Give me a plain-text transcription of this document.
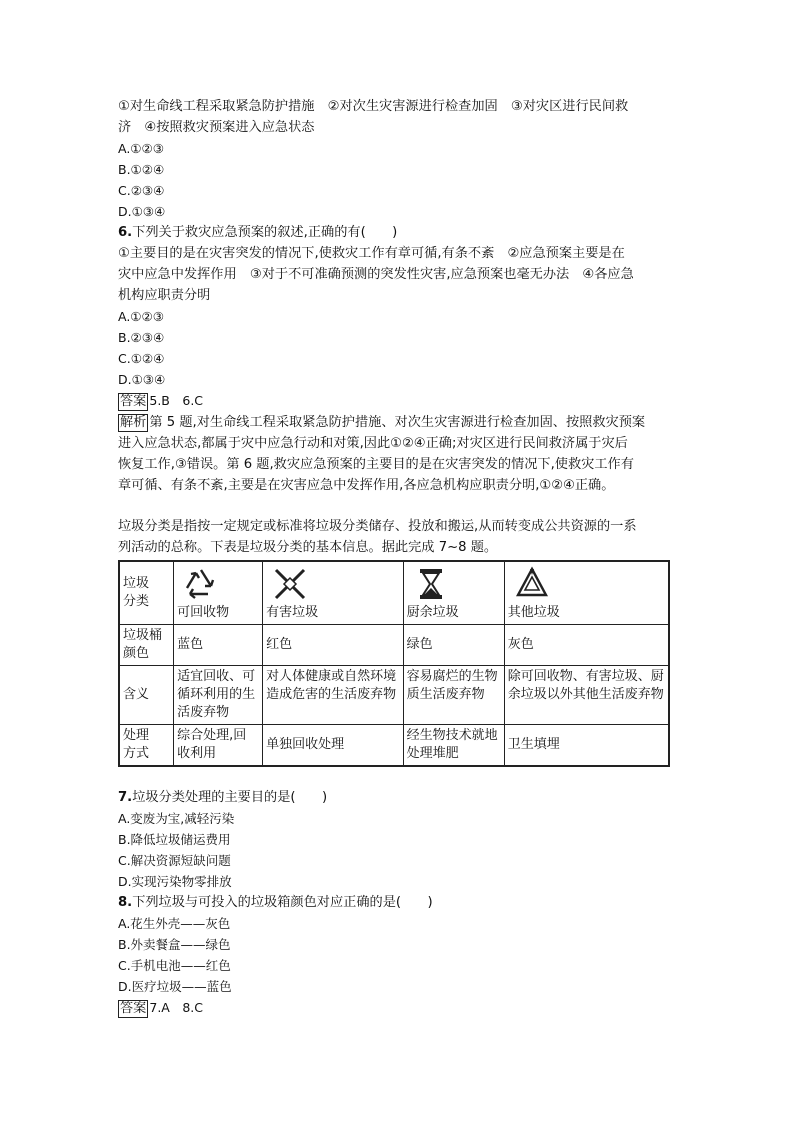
①对生命线工程采取紧急防护措施　②对次生灾害源进行检查加固　③对灾区进行民间救
济　④按照救灾预案进入应急状态
A.①②③
B.①②④
C.②③④
D.①③④
6.下列关于救灾应急预案的叙述,正确的有(　　)
①主要目的是在灾害突发的情况下,使救灾工作有章可循,有条不紊　②应急预案主要是在
灾中应急中发挥作用　③对于不可准确预测的突发性灾害,应急预案也毫无办法　④各应急
机构应职责分明
A.①②③
B.②③④
C.①②④
D.①③④
答案 5.B　6.C
解析 第 5 题,对生命线工程采取紧急防护措施、对次生灾害源进行检查加固、按照救灾预案
进入应急状态,都属于灾中应急行动和对策,因此①②④正确;对灾区进行民间救济属于灾后
恢复工作,③错误。第 6 题,救灾应急预案的主要目的是在灾害突发的情况下,使救灾工作有
章可循、有条不紊,主要是在灾害应急中发挥作用,各应急机构应职责分明,①②④正确。
垃圾分类是指按一定规定或标准将垃圾分类储存、投放和搬运,从而转变成公共资源的一系
列活动的总称。下表是垃圾分类的基本信息。据此完成 7~8 题。
垃圾
分类	可回收物	有害垃圾	厨余垃圾	其他垃圾

垃圾桶
颜色	蓝色	红色	绿色	灰色
含义	适宜回收、可循环利用的生活废弃物	对人体健康或自然环境造成危害的生活废弃物	容易腐烂的生物质生活废弃物	除可回收物、有害垃圾、厨余垃圾以外其他生活废弃物
处理
方式	综合处理,回收利用	单独回收处理	经生物技术就地处理堆肥	卫生填埋
7.垃圾分类处理的主要目的是(　　)
A.变废为宝,减轻污染
B.降低垃圾储运费用
C.解决资源短缺问题
D.实现污染物零排放
8.下列垃圾与可投入的垃圾箱颜色对应正确的是(　　)
A.花生外壳——灰色
B.外卖餐盒——绿色
C.手机电池——红色
D.医疗垃圾——蓝色
答案 7.A　8.C
